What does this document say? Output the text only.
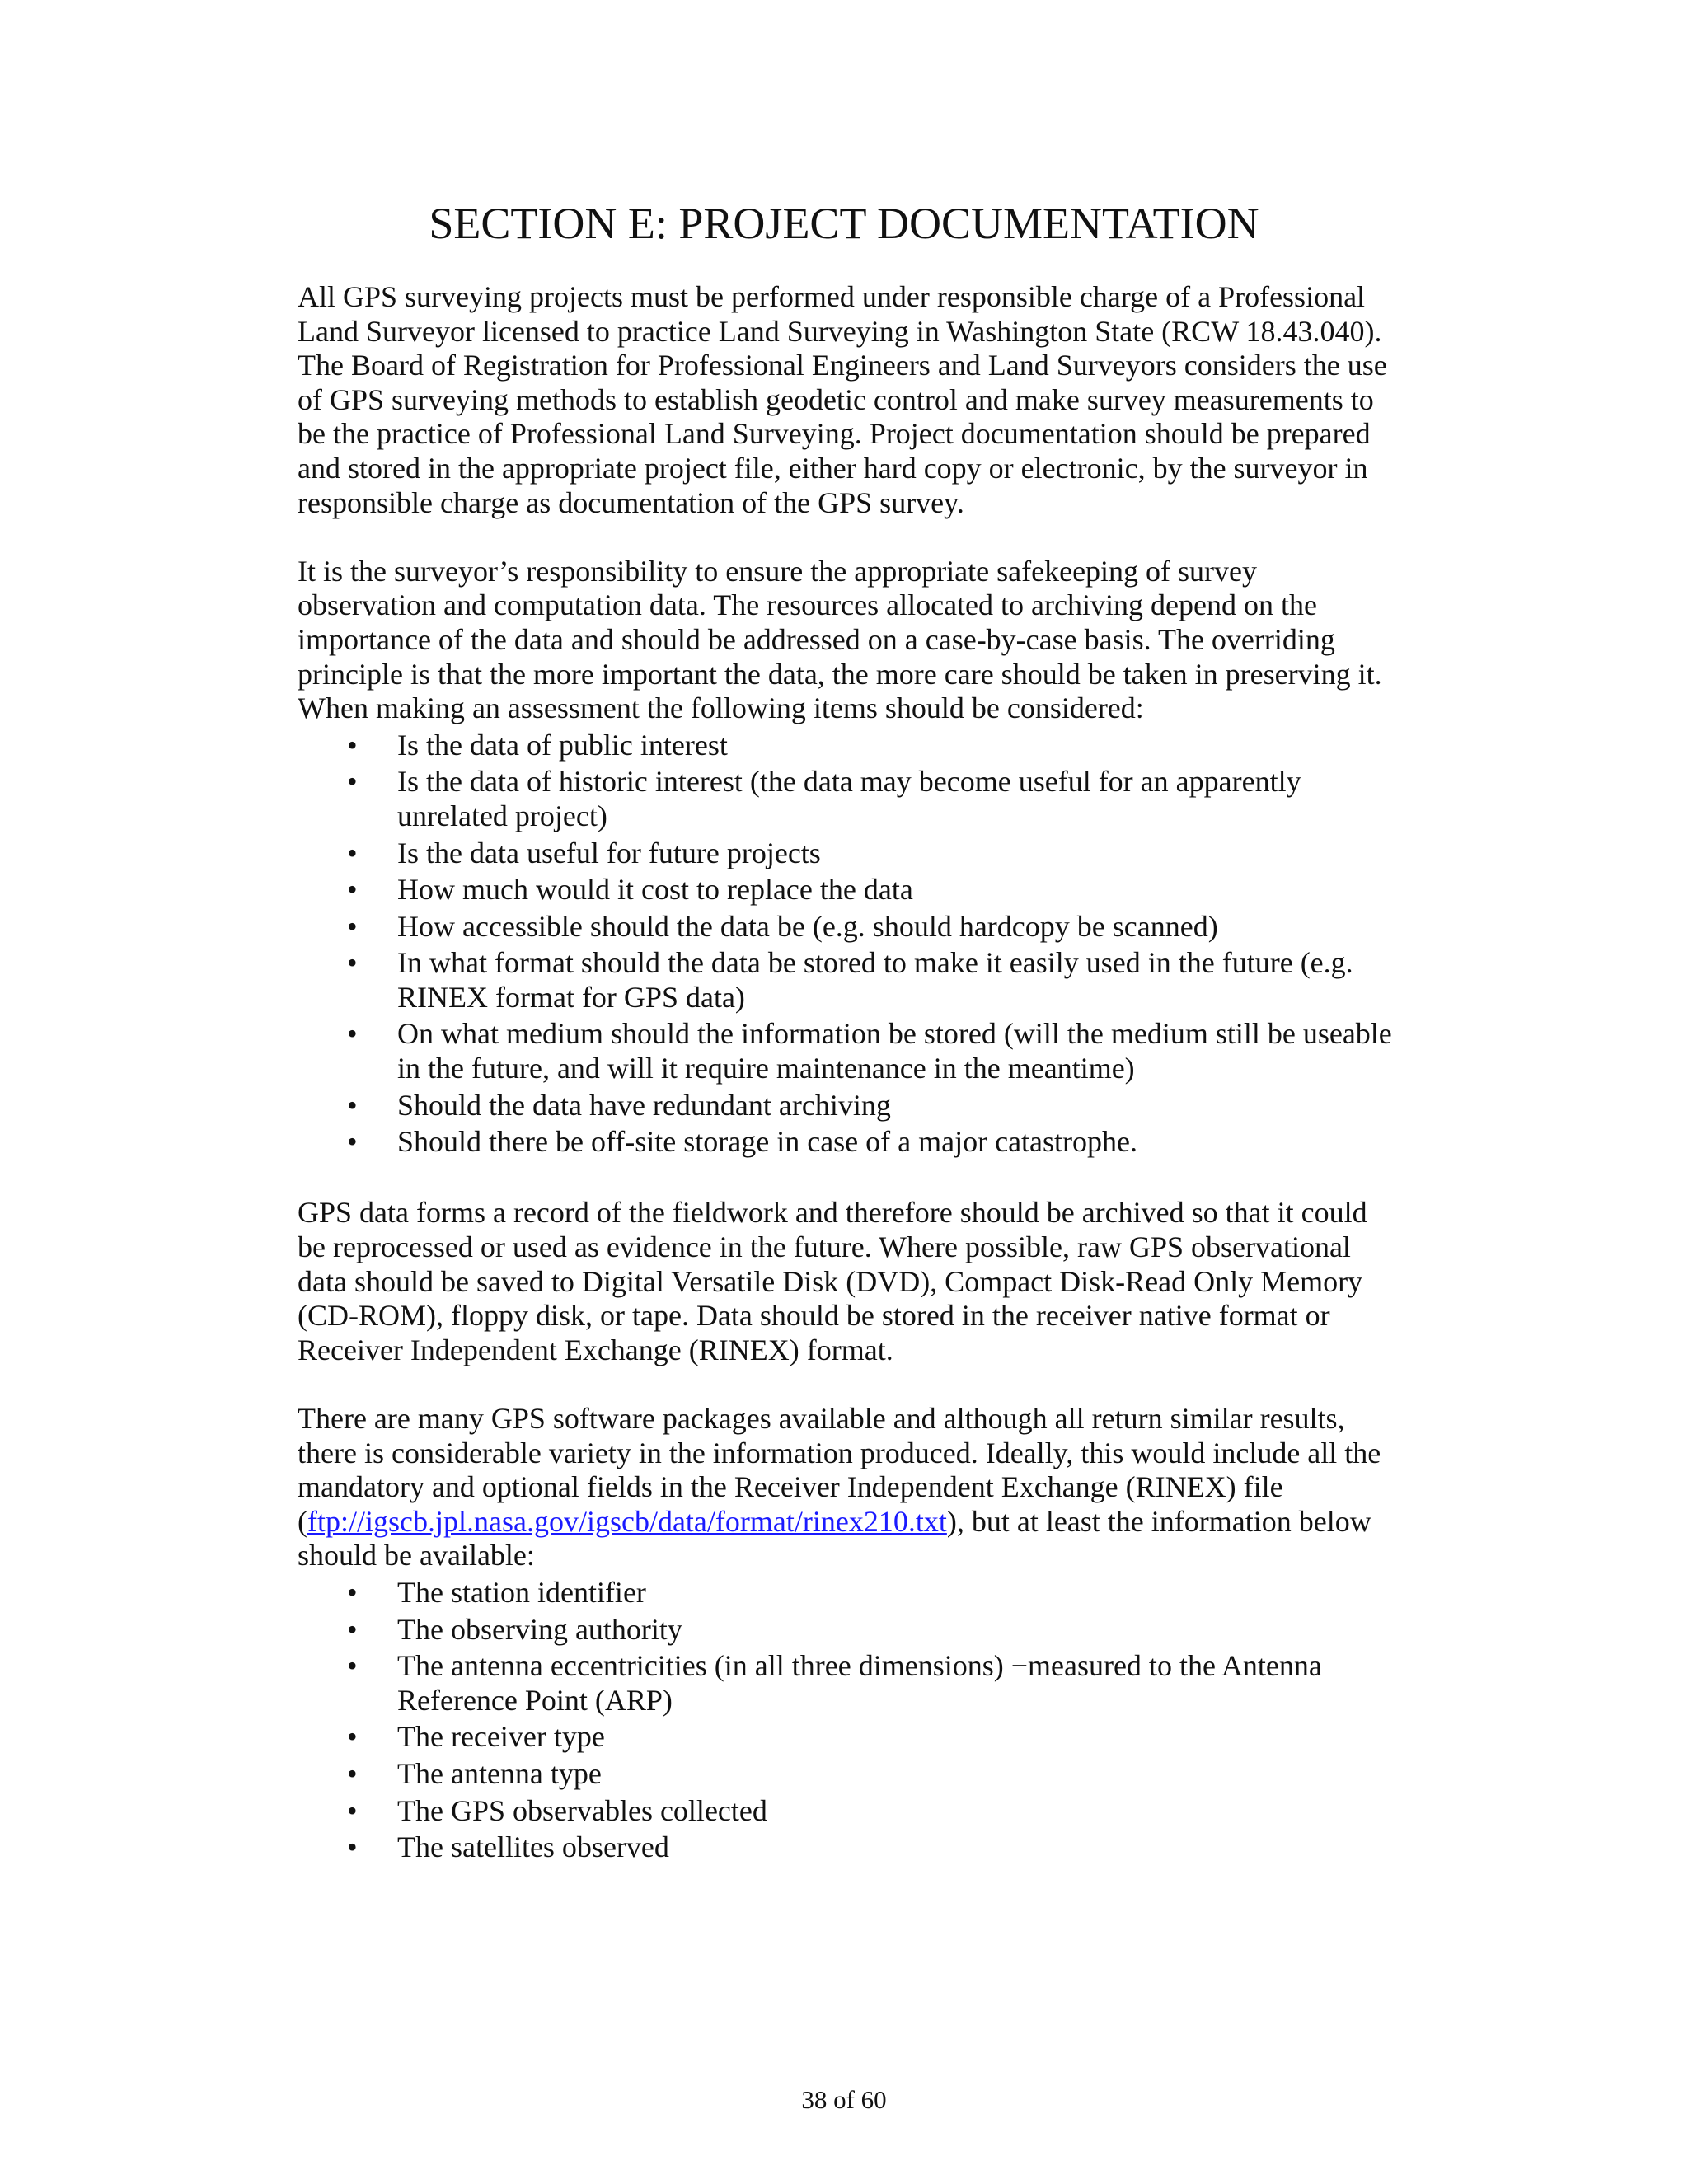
SECTION E: PROJECT DOCUMENTATION

All GPS surveying projects must be performed under responsible charge of a Professional Land Surveyor licensed to practice Land Surveying in Washington State (RCW 18.43.040). The Board of Registration for Professional Engineers and Land Surveyors considers the use of GPS surveying methods to establish geodetic control and make survey measurements to be the practice of Professional Land Surveying. Project documentation should be prepared and stored in the appropriate project file, either hard copy or electronic, by the surveyor in responsible charge as documentation of the GPS survey.

It is the surveyor’s responsibility to ensure the appropriate safekeeping of survey observation and computation data. The resources allocated to archiving depend on the importance of the data and should be addressed on a case-by-case basis. The overriding principle is that the more important the data, the more care should be taken in preserving it. When making an assessment the following items should be considered:

• Is the data of public interest
• Is the data of historic interest (the data may become useful for an apparently unrelated project)
• Is the data useful for future projects
• How much would it cost to replace the data
• How accessible should the data be (e.g. should hardcopy be scanned)
• In what format should the data be stored to make it easily used in the future (e.g. RINEX format for GPS data)
• On what medium should the information be stored (will the medium still be useable in the future, and will it require maintenance in the meantime)
• Should the data have redundant archiving
• Should there be off-site storage in case of a major catastrophe.

GPS data forms a record of the fieldwork and therefore should be archived so that it could be reprocessed or used as evidence in the future. Where possible, raw GPS observational data should be saved to Digital Versatile Disk (DVD), Compact Disk-Read Only Memory (CD-ROM), floppy disk, or tape. Data should be stored in the receiver native format or Receiver Independent Exchange (RINEX) format.

There are many GPS software packages available and although all return similar results, there is considerable variety in the information produced. Ideally, this would include all the mandatory and optional fields in the Receiver Independent Exchange (RINEX) file
(ftp://igscb.jpl.nasa.gov/igscb/data/format/rinex210.txt), but at least the information below should be available:

• The station identifier
• The observing authority
• The antenna eccentricities (in all three dimensions) −measured to the Antenna Reference Point (ARP)
• The receiver type
• The antenna type
• The GPS observables collected
• The satellites observed
38 of 60
